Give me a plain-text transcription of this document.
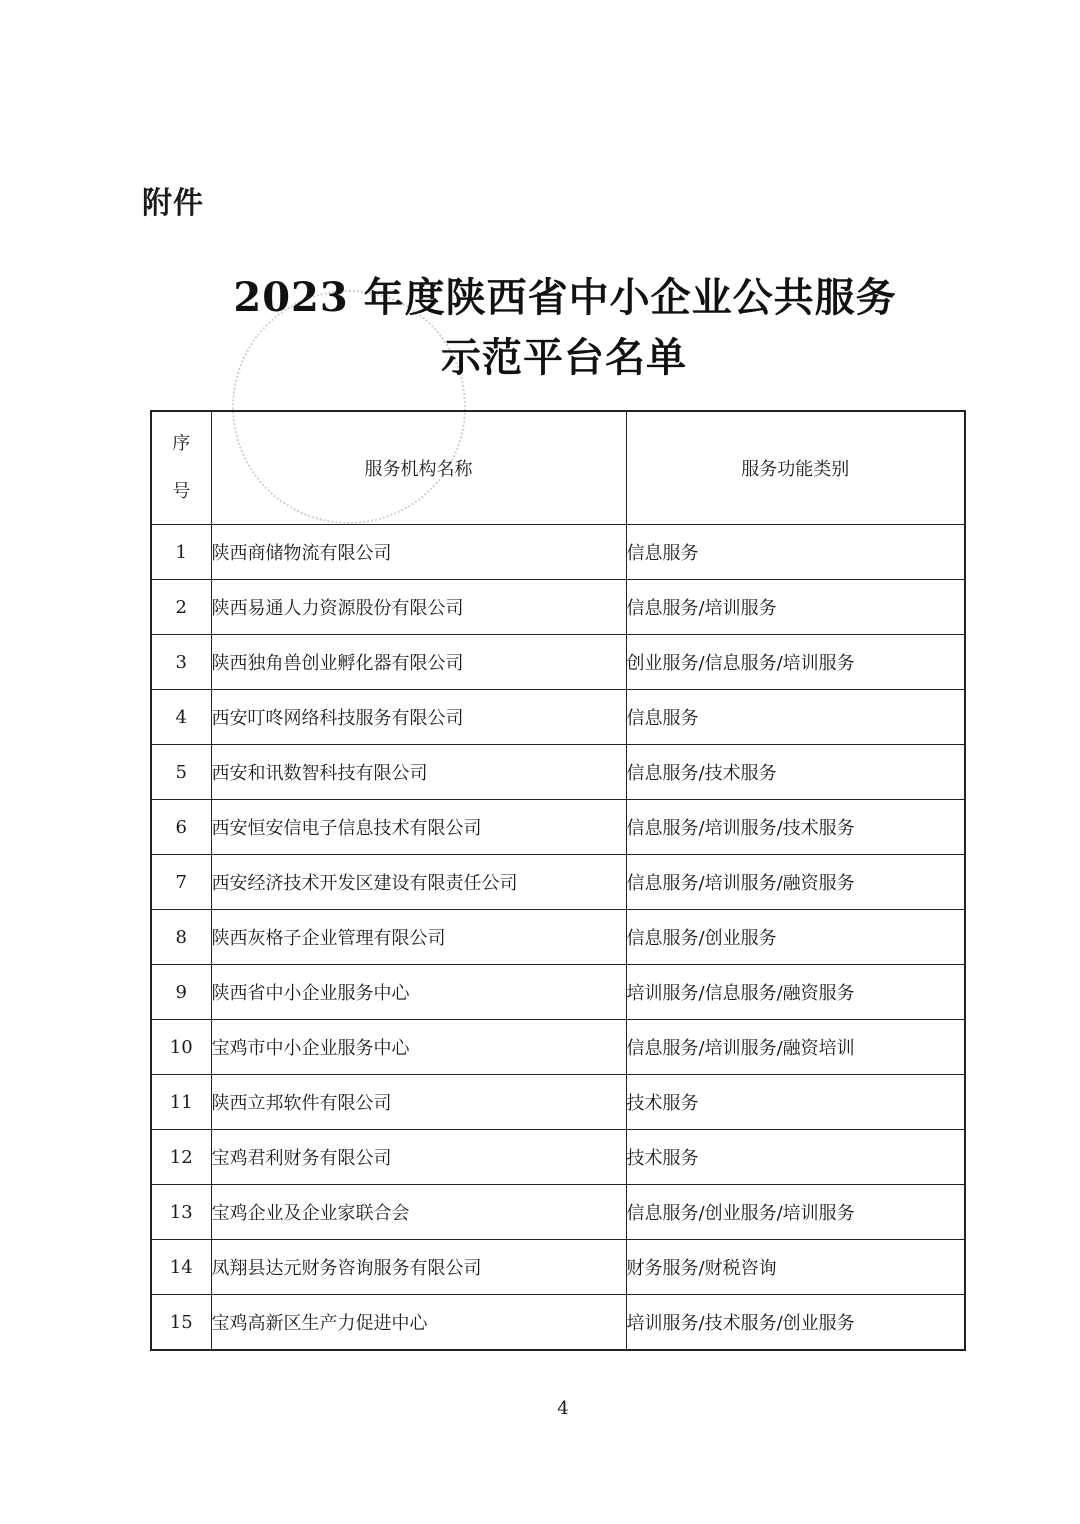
附件
2023 年度陕西省中小企业公共服务
示范平台名单
序
号	服务机构名称	服务功能类别
1	陕西商储物流有限公司	信息服务
2	陕西易通人力资源股份有限公司	信息服务/培训服务
3	陕西独角兽创业孵化器有限公司	创业服务/信息服务/培训服务
4	西安叮咚网络科技服务有限公司	信息服务
5	西安和讯数智科技有限公司	信息服务/技术服务
6	西安恒安信电子信息技术有限公司	信息服务/培训服务/技术服务
7	西安经济技术开发区建设有限责任公司	信息服务/培训服务/融资服务
8	陕西灰格子企业管理有限公司	信息服务/创业服务
9	陕西省中小企业服务中心	培训服务/信息服务/融资服务
10	宝鸡市中小企业服务中心	信息服务/培训服务/融资培训
11	陕西立邦软件有限公司	技术服务
12	宝鸡君利财务有限公司	技术服务
13	宝鸡企业及企业家联合会	信息服务/创业服务/培训服务
14	凤翔县达元财务咨询服务有限公司	财务服务/财税咨询
15	宝鸡高新区生产力促进中心	培训服务/技术服务/创业服务
4
